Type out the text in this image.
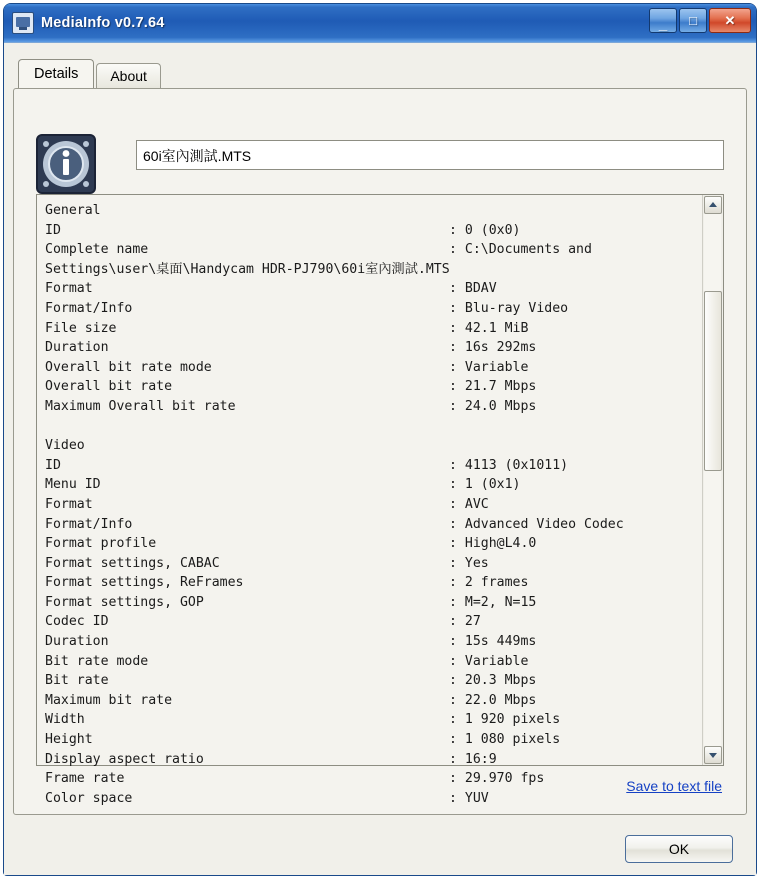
MediaInfo v0.7.64	_	□	✕
Details	About
60i室內測試.MTS
General
ID	: 0 (0x0)
Complete name	: C:\Documents and
Settings\user\桌面\Handycam HDR-PJ790\60i室內測試.MTS
Format	: BDAV
Format/Info	: Blu-ray Video
File size	: 42.1 MiB
Duration	: 16s 292ms
Overall bit rate mode	: Variable
Overall bit rate	: 21.7 Mbps
Maximum Overall bit rate	: 24.0 Mbps
Video
ID	: 4113 (0x1011)
Menu ID	: 1 (0x1)
Format	: AVC
Format/Info	: Advanced Video Codec
Format profile	: High@L4.0
Format settings, CABAC	: Yes
Format settings, ReFrames	: 2 frames
Format settings, GOP	: M=2, N=15
Codec ID	: 27
Duration	: 15s 449ms
Bit rate mode	: Variable
Bit rate	: 20.3 Mbps
Maximum bit rate	: 22.0 Mbps
Width	: 1 920 pixels
Height	: 1 080 pixels
Display aspect ratio	: 16:9
Frame rate	: 29.970 fps
Color space	: YUV
Save to text file
OK
